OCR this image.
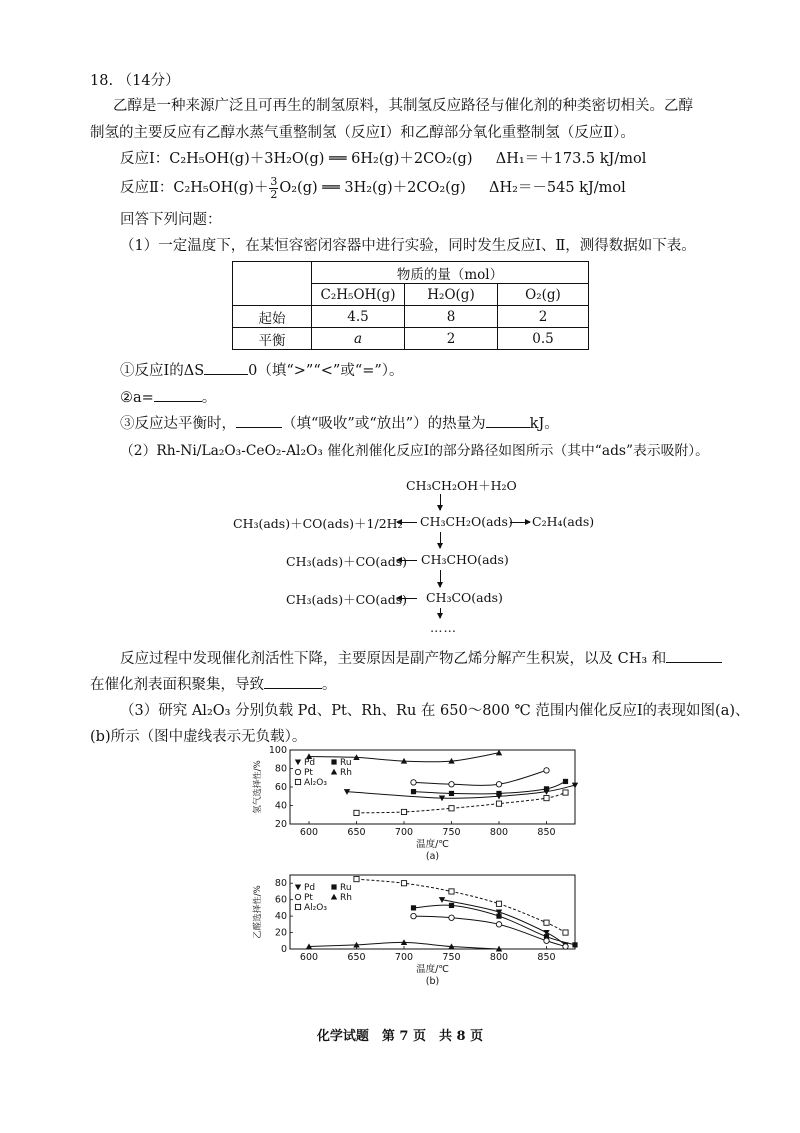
18. （14分）
乙醇是一种来源广泛且可再生的制氢原料，其制氢反应路径与催化剂的种类密切相关。乙醇
制氢的主要反应有乙醇水蒸气重整制氢（反应Ⅰ）和乙醇部分氧化重整制氢（反应Ⅱ）。
反应Ⅰ：C₂H₅OH(g)＋3H₂O(g) ══ 6H₂(g)＋2CO₂(g) ΔH₁＝＋173.5 kJ/mol
反应Ⅱ：$C_2H_5OH(g)+ \frac{3}{2} O_2(g)$ ══ 3H₂(g)＋2CO₂(g) ΔH₂＝－545 kJ/mol
回答下列问题：
（1）一定温度下，在某恒容密闭容器中进行实验，同时发生反应Ⅰ、Ⅱ，测得数据如下表。
	物质的量（mol）		
	C₂H₅OH(g)	H₂O(g)	O₂(g)
起始	4.5	8	2
平衡	a	2	0.5
①反应Ⅰ的ΔS	0（填“>”“<”或“=”）。
②a=	。
③反应达平衡时，	（填“吸收”或“放出”）的热量为	kJ。
（2）Rh-Ni/La₂O₃-CeO₂-Al₂O₃ 催化剂催化反应Ⅰ的部分路径如图所示（其中“ads”表示吸附）。
CH₃CH₂OH＋H₂O
CH₃(ads)＋CO(ads)＋1/2H₂ CH₃CH₂O(ads) C₂H₄(ads)
CH₃(ads)＋CO(ads) CH₃CHO(ads)
CH₃(ads)＋CO(ads) CH₃CO(ads)
……
反应过程中发现催化剂活性下降，主要原因是副产物乙烯分解产生积炭，以及 CH₃ 和
在催化剂表面积聚集，导致	。
（3）研究 Al₂O₃ 分别负载 Pd、Pt、Rh、Ru 在 650～800 ℃ 范围内催化反应Ⅰ的表现如图(a)、
(b)所示（图中虚线表示无负载）。
600	650	700	750	800	850
20
40
60
80
100
氢气选择性/%
温度/℃
(a)
Pd	Ru
Pt	Rh
Al₂O₃
600	650	700	750	800	850
0
20
40
60
80
乙醛选择性/%
温度/℃
(b)
Pd	Ru
Pt	Rh
Al₂O₃
化学试题　第 7 页　共 8 页
